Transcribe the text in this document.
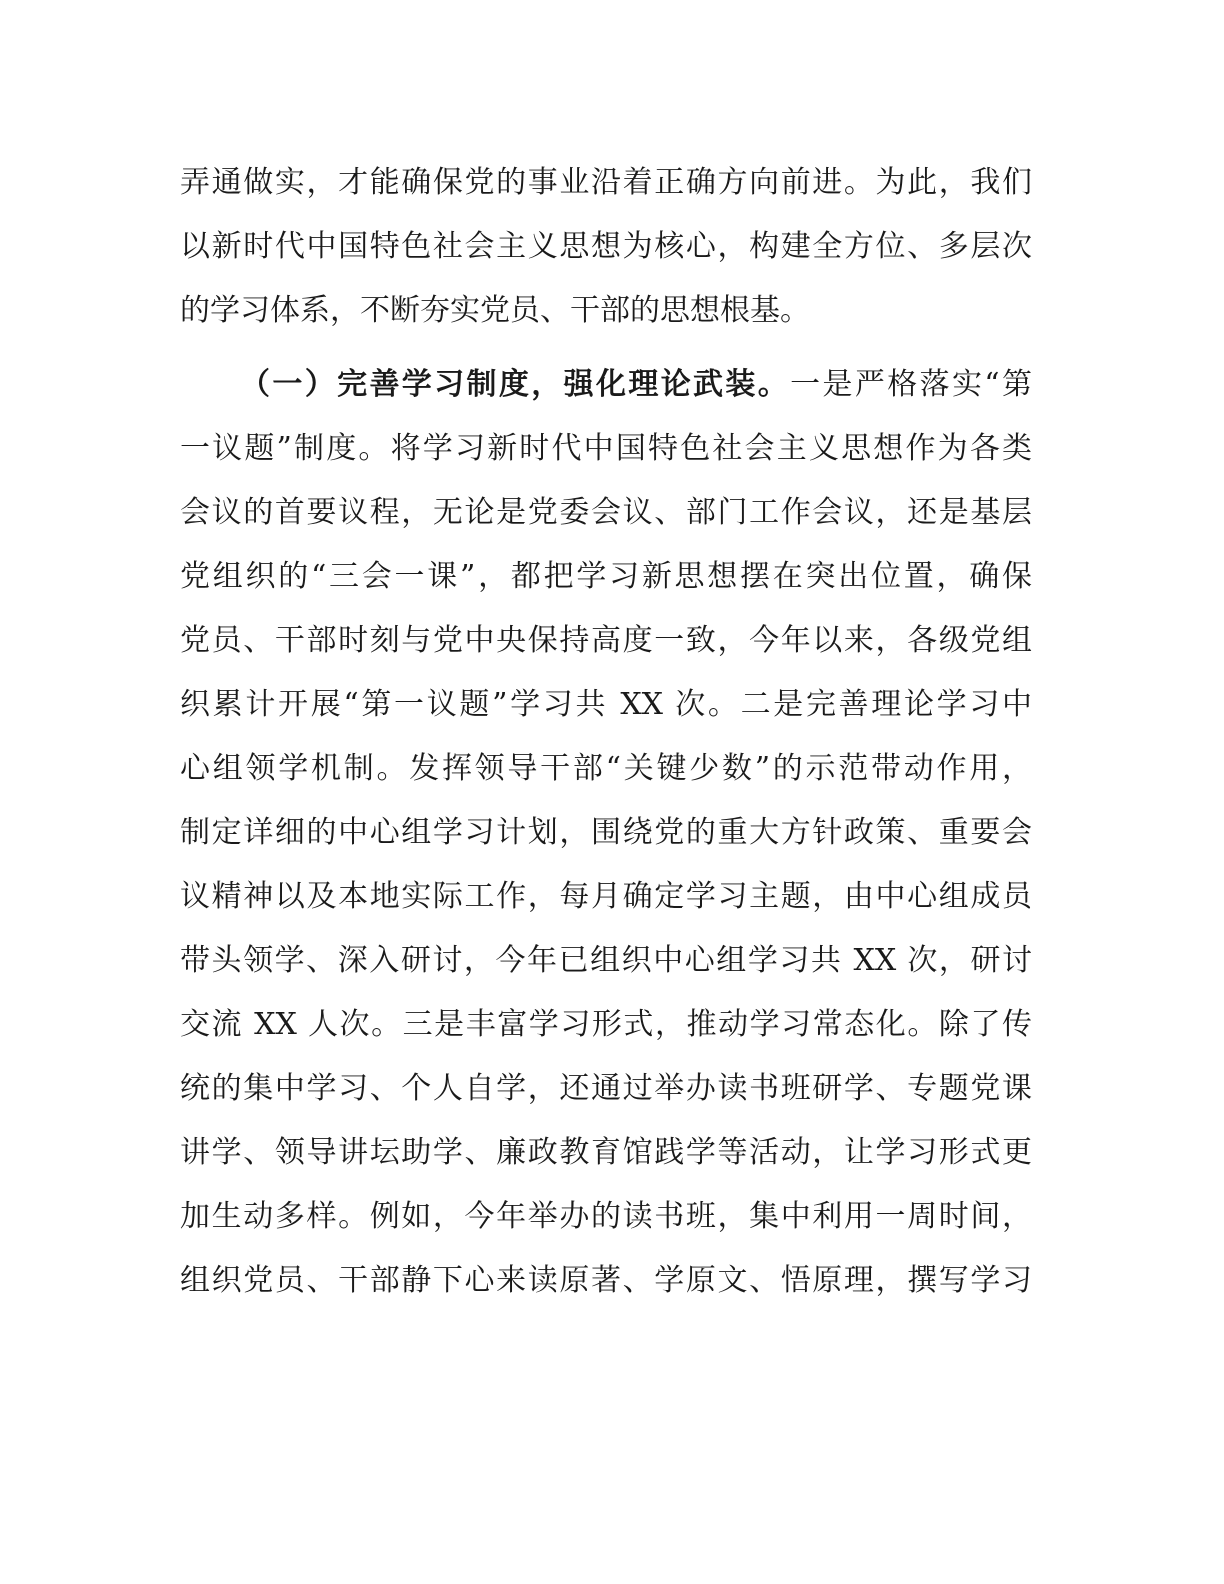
弄通做实，才能确保党的事业沿着正确方向前进。为此，我们
以新时代中国特色社会主义思想为核心，构建全方位、多层次
的学习体系，不断夯实党员、干部的思想根基。
（一）完善学习制度，强化理论武装。一是严格落实“第
一议题”制度。将学习新时代中国特色社会主义思想作为各类
会议的首要议程，无论是党委会议、部门工作会议，还是基层
党组织的“三会一课”，都把学习新思想摆在突出位置，确保
党员、干部时刻与党中央保持高度一致，今年以来，各级党组
织累计开展“第一议题”学习共 XX 次。二是完善理论学习中
心组领学机制。发挥领导干部“关键少数”的示范带动作用，
制定详细的中心组学习计划，围绕党的重大方针政策、重要会
议精神以及本地实际工作，每月确定学习主题，由中心组成员
带头领学、深入研讨，今年已组织中心组学习共 XX 次，研讨
交流 XX 人次。三是丰富学习形式，推动学习常态化。除了传
统的集中学习、个人自学，还通过举办读书班研学、专题党课
讲学、领导讲坛助学、廉政教育馆践学等活动，让学习形式更
加生动多样。例如，今年举办的读书班，集中利用一周时间，
组织党员、干部静下心来读原著、学原文、悟原理，撰写学习
